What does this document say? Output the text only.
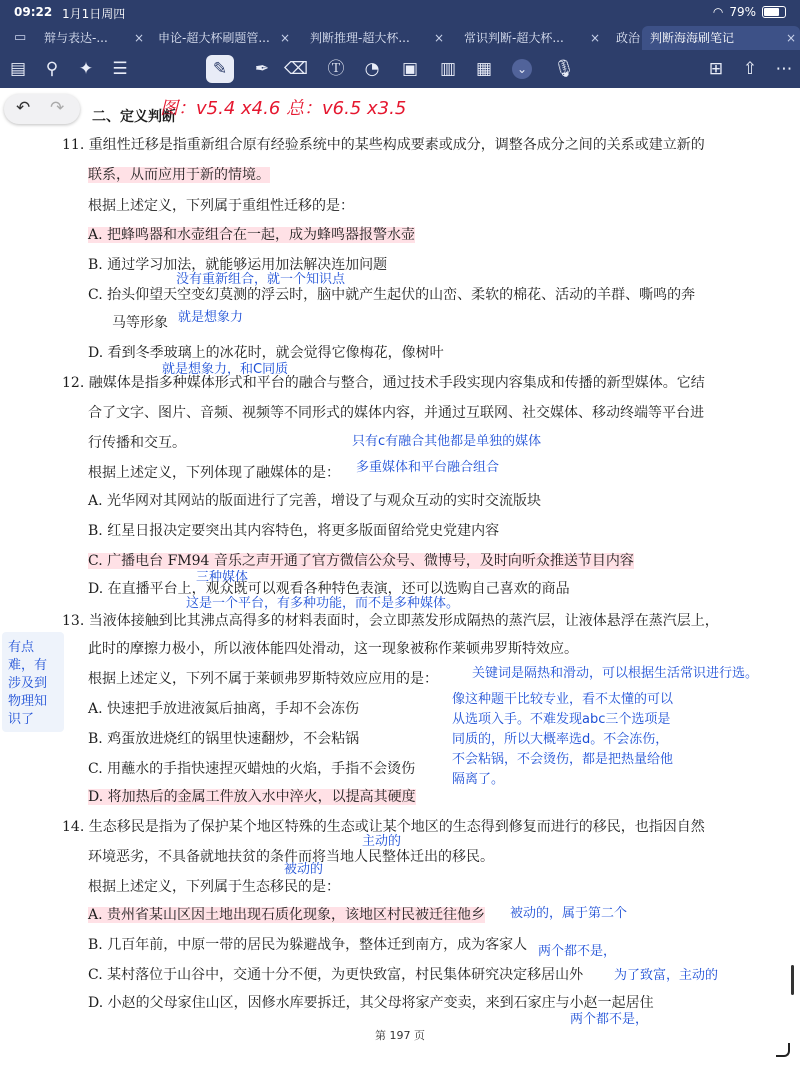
09:22 1月1日周四	◠ 79%
▭ 辩与表达-... × 申论-超大杯刷题管... × 判断推理-超大杯... × 常识判断-超大杯... × 政治 判断海海刷笔记	×
▤	⚲	✦ ☰	✎	✒ ⌫ Ⓣ ◔ ▣ ▥ ▦	⌄ 🎙	⊞ ⇧ ⋯
↶ ↷ 二、定义判断
图：v5.4 x4.6 总：v6.5 x3.5
11. 重组性迁移是指重新组合原有经验系统中的某些构成要素或成分，调整各成分之间的关系或建立新的
联系，从而应用于新的情境。
根据上述定义，下列属于重组性迁移的是：
A. 把蜂鸣器和水壶组合在一起，成为蜂鸣器报警水壶
B. 通过学习加法，就能够运用加法解决连加问题
没有重新组合，就一个知识点
C. 抬头仰望天空变幻莫测的浮云时，脑中就产生起伏的山峦、柔软的棉花、活动的羊群、嘶鸣的奔
马等形象 就是想象力
D. 看到冬季玻璃上的冰花时，就会觉得它像梅花，像树叶
就是想象力，和C同质
12. 融媒体是指多种媒体形式和平台的融合与整合，通过技术手段实现内容集成和传播的新型媒体。它结
合了文字、图片、音频、视频等不同形式的媒体内容，并通过互联网、社交媒体、移动终端等平台进
行传播和交互。	只有c有融合其他都是单独的媒体
根据上述定义，下列体现了融媒体的是： 多重媒体和平台融合组合
A. 光华网对其网站的版面进行了完善，增设了与观众互动的实时交流版块
B. 红星日报决定要突出其内容特色，将更多版面留给党史党建内容
C. 广播电台 FM94 音乐之声开通了官方微信公众号、微博号，及时向听众推送节目内容
三种媒体
D. 在直播平台上，观众既可以观看各种特色表演，还可以选购自己喜欢的商品
这是一个平台，有多种功能，而不是多种媒体。
13. 当液体接触到比其沸点高得多的材料表面时，会立即蒸发形成隔热的蒸汽层，让液体悬浮在蒸汽层上，
此时的摩擦力极小，所以液体能四处滑动，这一现象被称作莱顿弗罗斯特效应。
根据上述定义，下列不属于莱顿弗罗斯特效应应用的是：	关键词是隔热和滑动，可以根据生活常识进行选。
A. 快速把手放进液氮后抽离，手却不会冻伤
B. 鸡蛋放进烧红的锅里快速翻炒，不会粘锅
C. 用蘸水的手指快速捏灭蜡烛的火焰，手指不会烫伤
D. 将加热后的金属工件放入水中淬火，以提高其硬度
像这种题干比较专业，看不太懂的可以
从选项入手。不难发现abc三个选项是
同质的，所以大概率选d。不会冻伤，
不会粘锅，不会烫伤，都是把热量给他
隔离了。
14. 生态移民是指为了保护某个地区特殊的生态或让某个地区的生态得到修复而进行的移民，也指因自然
主动的
环境恶劣，不具备就地扶贫的条件而将当地人民整体迁出的移民。
被动的
根据上述定义，下列属于生态移民的是：
A. 贵州省某山区因土地出现石质化现象，该地区村民被迁往他乡 被动的，属于第二个
B. 几百年前，中原一带的居民为躲避战争，整体迁到南方，成为客家人 两个都不是，
C. 某村落位于山谷中，交通十分不便，为更快致富，村民集体研究决定移居山外 为了致富，主动的
D. 小赵的父母家住山区，因修水库要拆迁，其父母将家产变卖，来到石家庄与小赵一起居住
两个都不是，
有点
难，有
涉及到
物理知
识了
第 197 页
